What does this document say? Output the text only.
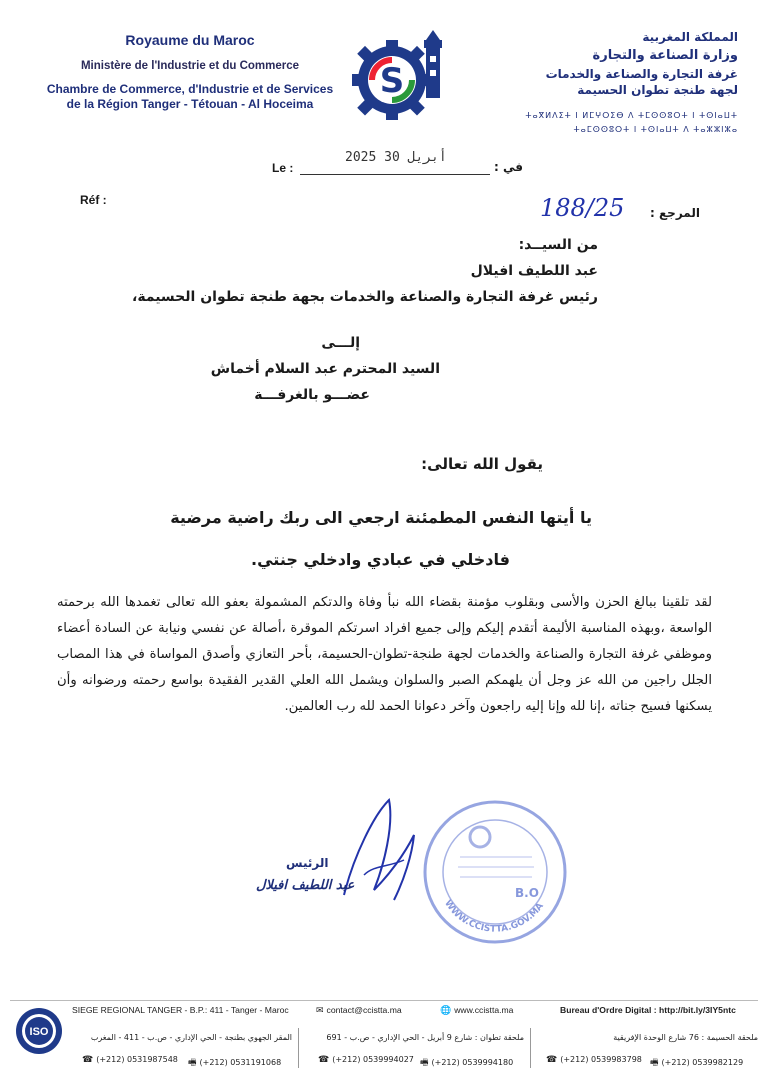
Royaume du Maroc
Ministère de l'Industrie et du Commerce
Chambre de Commerce, d'Industrie et de Services
de la Région Tanger - Tétouan - Al Hoceima
S
المملكة المغربية
وزارة الصناعة والتجارة
غرفة التجارة والصناعة والخدمات
لجهة طنجة تطوان الحسيمة
ⵜⴰⴳⵍⴷⵉⵜ ⵏ ⵍⵎⵖⵔⵉⴱ ⴷ ⵜⵎⵙⵙⵓⵔⵜ ⵏ ⵜⵙⵏⴰⵡⵜ
ⵜⴰⵎⵙⵙⵓⵔⵜ ⵏ ⵜⵙⵏⴰⵡⵜ ⴷ ⵜⴰⵣⵣⵏⵣⴰ
Le :
2025 أبريل 30
في :
Réf :	188/25 المرجع :
من السيــد:
عبد اللطيف افيلال
رئيس غرفة التجارة والصناعة والخدمات بجهة طنجة تطوان الحسيمة،
إلـــى
السيد المحترم عبد السلام أخماش
عضـــو بالغرفـــة
يقول الله تعالى:
يا أيتها النفس المطمئنة ارجعي الى ربك راضية مرضية
فادخلي في عبادي وادخلي جنتي.
لقد تلقينا ببالغ الحزن والأسى وبقلوب مؤمنة بقضاء الله نبأ وفاة والدتكم المشمولة بعفو الله تعالى تغمدها الله برحمته الواسعة ،وبهذه المناسبة الأليمة أتقدم إليكم وإلى جميع افراد اسرتكم الموقرة ،أصالة عن نفسي ونيابة عن السادة أعضاء وموظفي غرفة التجارة والصناعة والخدمات لجهة طنجة-تطوان-الحسيمة، بأحر التعازي وأصدق المواساة في هذا المصاب الجلل راجين من الله عز وجل أن يلهمكم الصبر والسلوان ويشمل الله العلي القدير الفقيدة بواسع رحمته ورضوانه وأن يسكنها فسيح جناته ،إنا لله وإنا إليه راجعون وآخر دعوانا الحمد لله رب العالمين.
الرئيس
عبد اللطيف افيلال	B.O
WWW.CCISTTA.GOV.MA
ISO
SIEGE REGIONAL TANGER - B.P.: 411 - Tanger - Maroc	✉ contact@ccistta.ma	🌐 www.ccistta.ma	Bureau d'Ordre Digital : http://bit.ly/3IY5ntc
المقر الجهوي بطنجة - الحي الإداري - ص.ب - 411 - المغرب	ملحقة تطوان : شارع 9 أبريل - الحي الإداري - ص.ب - 691	ملحقة الحسيمة : 76 شارع الوحدة الإفريقية
☎ (+212) 0531987548 🖷 (+212) 0531191068	☎ (+212) 0539994027 🖷 (+212) 0539994180	☎ (+212) 0539983798 🖷 (+212) 0539982129
